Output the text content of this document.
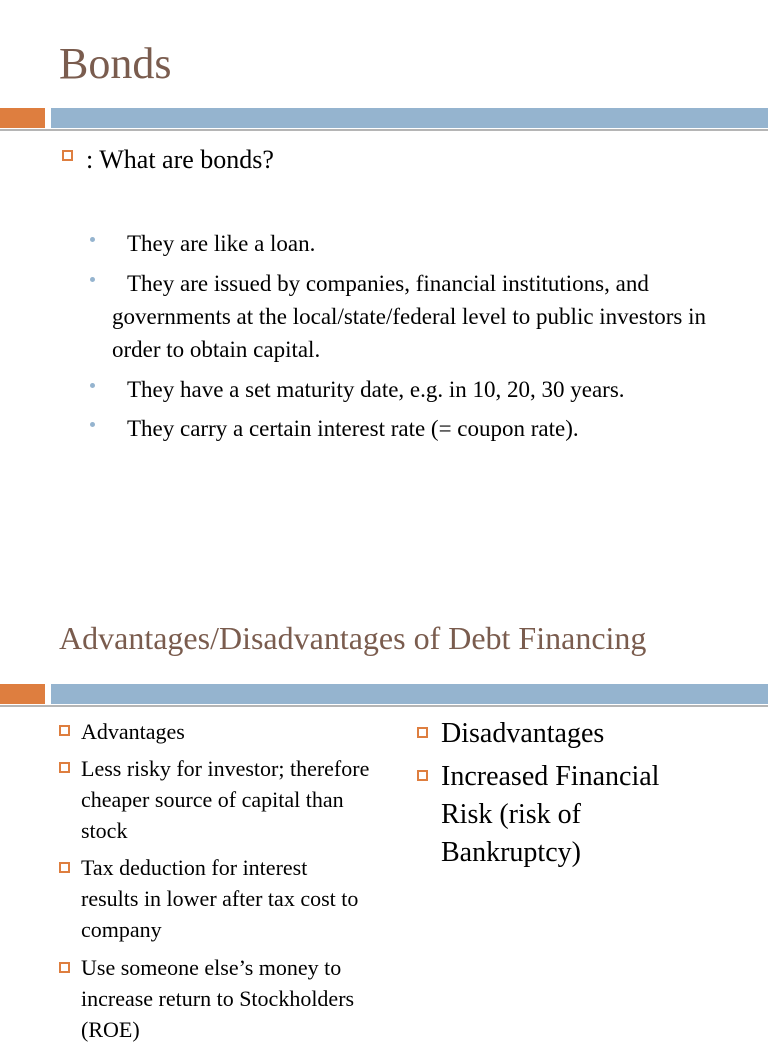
Bonds
: What are bonds?
They are like a loan.
They are issued by companies, financial institutions, and governments at the local/state/federal level to public investors in order to obtain capital.
They have a set maturity date, e.g. in 10, 20, 30 years.
They carry a certain interest rate (= coupon rate).
Advantages/Disadvantages of Debt Financing
Advantages
Less risky for investor; therefore cheaper source of capital than stock
Tax deduction for interest results in lower after tax cost to company
Use someone else’s money to increase return to Stockholders (ROE)
Disadvantages
Increased Financial Risk (risk of Bankruptcy)
